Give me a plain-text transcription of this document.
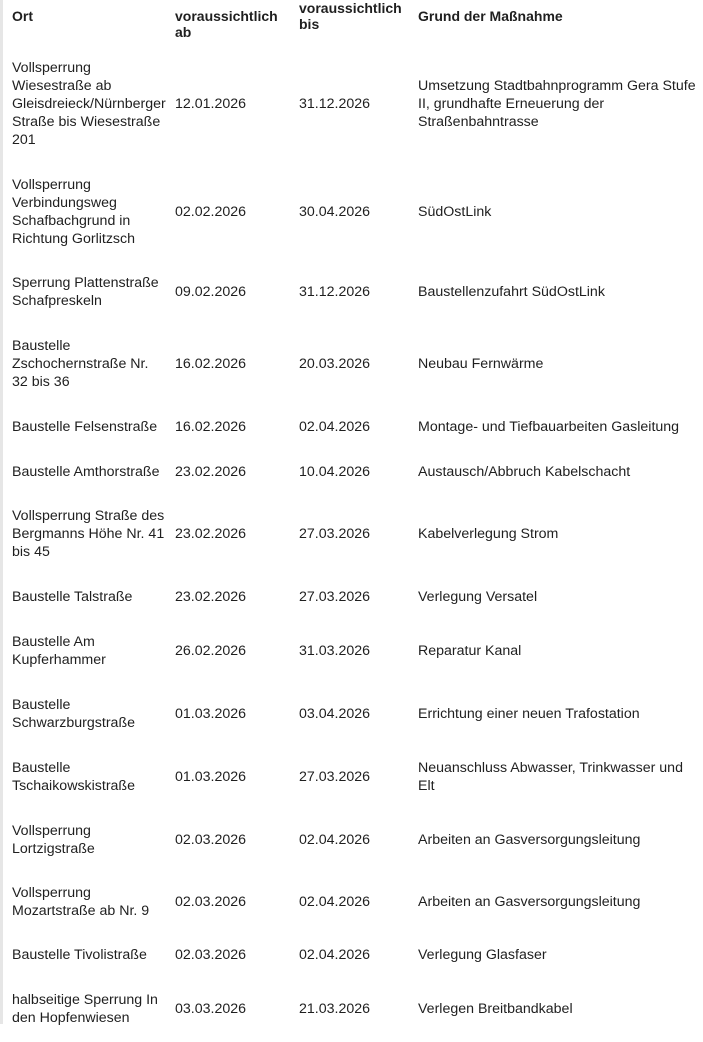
Ort	voraussichtlich ab	voraussichtlich bis	Grund der Maßnahme
Vollsperrung Wiesestraße ab Gleisdreieck/Nürnberger Straße bis Wiesestraße 201	12.01.2026	31.12.2026	Umsetzung Stadtbahnprogramm Gera Stufe II, grundhafte Erneuerung der Straßenbahntrasse
Vollsperrung Verbindungsweg Schafbachgrund in Richtung Gorlitzsch	02.02.2026	30.04.2026	SüdOstLink
Sperrung Plattenstraße Schafpreskeln	09.02.2026	31.12.2026	Baustellenzufahrt SüdOstLink
Baustelle Zschochernstraße Nr. 32 bis 36	16.02.2026	20.03.2026	Neubau Fernwärme
Baustelle Felsenstraße	16.02.2026	02.04.2026	Montage- und Tiefbauarbeiten Gasleitung
Baustelle Amthorstraße	23.02.2026	10.04.2026	Austausch/Abbruch Kabelschacht
Vollsperrung Straße des Bergmanns Höhe Nr. 41 bis 45	23.02.2026	27.03.2026	Kabelverlegung Strom
Baustelle Talstraße	23.02.2026	27.03.2026	Verlegung Versatel
Baustelle Am Kupferhammer	26.02.2026	31.03.2026	Reparatur Kanal
Baustelle Schwarzburgstraße	01.03.2026	03.04.2026	Errichtung einer neuen Trafostation
Baustelle Tschaikowskistraße	01.03.2026	27.03.2026	Neuanschluss Abwasser, Trinkwasser und Elt
Vollsperrung Lortzigstraße	02.03.2026	02.04.2026	Arbeiten an Gasversorgungsleitung
Vollsperrung Mozartstraße ab Nr. 9	02.03.2026	02.04.2026	Arbeiten an Gasversorgungsleitung
Baustelle Tivolistraße	02.03.2026	02.04.2026	Verlegung Glasfaser
halbseitige Sperrung In den Hopfenwiesen	03.03.2026	21.03.2026	Verlegen Breitbandkabel
